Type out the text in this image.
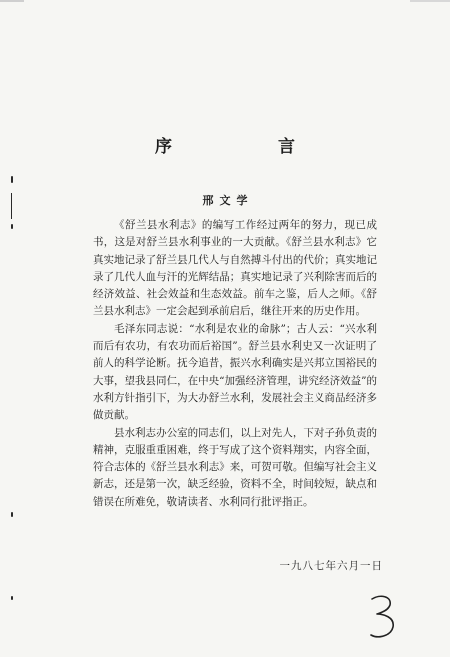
序 言
邢文学

《舒兰县水利志》的编写工作经过两年的努力，现已成书，这是对舒兰县水利事业的一大贡献。《舒兰县水利志》它真实地记录了舒兰县几代人与自然搏斗付出的代价；真实地记录了几代人血与汗的光辉结晶；真实地记录了兴利除害而后的经济效益、社会效益和生态效益。前车之鉴，后人之师。《舒兰县水利志》一定会起到承前启后，继往开来的历史作用。

毛泽东同志说：“水利是农业的命脉”；古人云：“兴水利而后有农功，有农功而后裕国”。舒兰县水利史又一次证明了前人的科学论断。抚今追昔，振兴水利确实是兴邦立国裕民的大事，望我县同仁，在中央“加强经济管理，讲究经济效益”的水利方针指引下，为大办舒兰水利，发展社会主义商品经济多做贡献。

县水利志办公室的同志们，以上对先人，下对子孙负责的精神，克服重重困难，终于写成了这个资料翔实，内容全面，符合志体的《舒兰县水利志》来，可贺可敬。但编写社会主义新志，还是第一次，缺乏经验，资料不全，时间较短，缺点和错误在所难免，敬请读者、水利同行批评指正。

一九八七年六月一日
